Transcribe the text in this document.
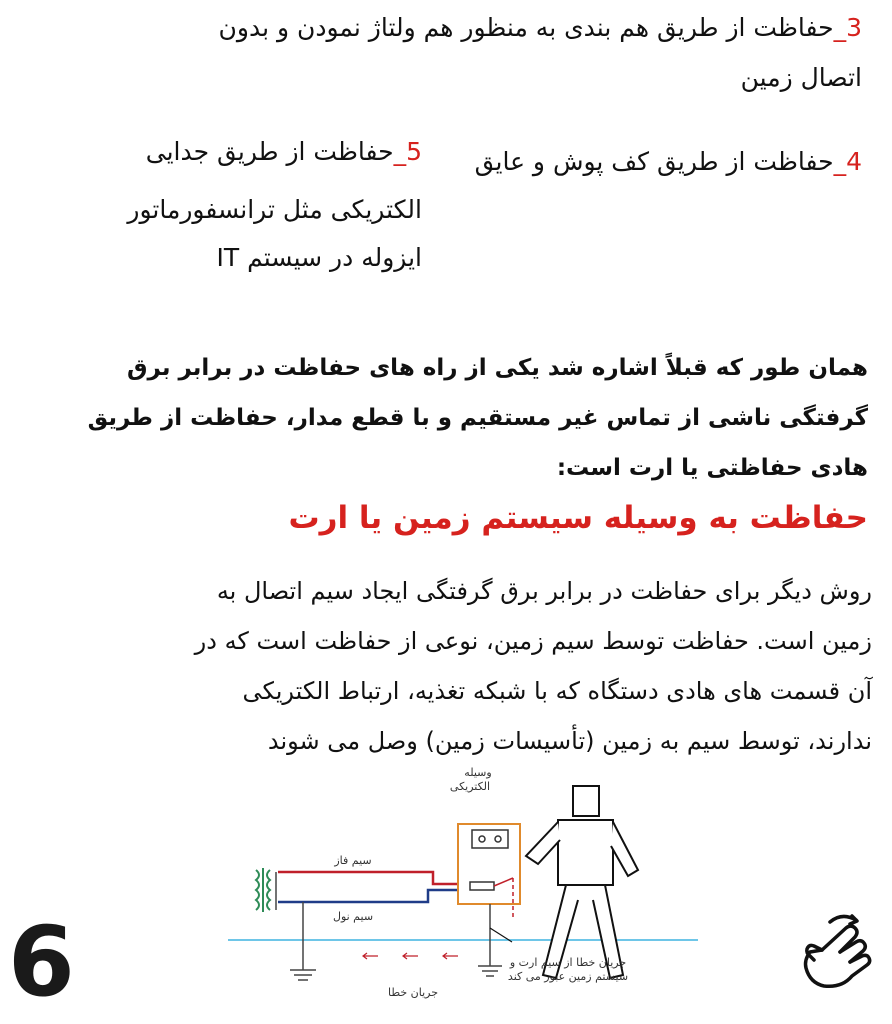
3_حفاظت از طریق هم بندی به منظور هم ولتاژ نمودن و بدون
اتصال زمین
4_حفاظت از طریق کف پوش و عایق
5_حفاظت از طریق جدایی
الکتریکی مثل ترانسفورماتور
ایزوله در سیستم IT
همان طور که قبلاً اشاره شد یکی از راه های حفاظت در برابر برق
گرفتگی ناشی از تماس غیر مستقیم و با قطع مدار، حفاظت از طریق
هادی حفاظتی یا ارت است:
حفاظت به وسیله سیستم زمین یا ارت
روش دیگر برای حفاظت در برابر برق گرفتگی ایجاد سیم اتصال به
زمین است. حفاظت توسط سیم زمین، نوعی از حفاظت است که در
آن قسمت های هادی دستگاه که با شبکه تغذیه، ارتباط الکتریکی
ندارند، توسط سیم به زمین (تأسیسات زمین) وصل می شوند
وسیله
الکتریکی
سیم فاز
سیم نول
جریان خطا از سیم ارت و
سیستم زمین عبور می کند
جریان خطا
6
